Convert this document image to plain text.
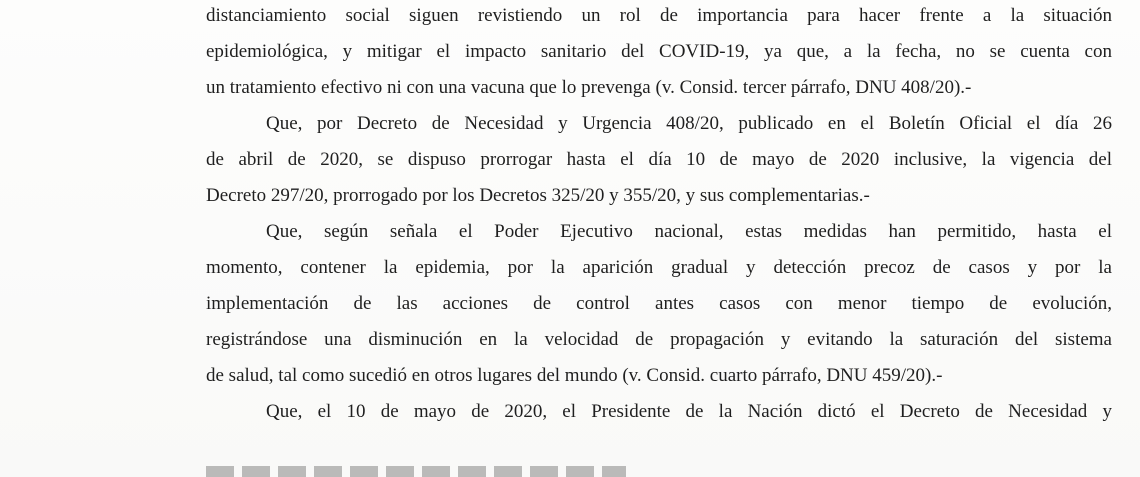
distanciamiento social siguen revistiendo un rol de importancia para hacer frente a la situación

epidemiológica, y mitigar el impacto sanitario del COVID-19, ya que, a la fecha, no se cuenta con

un tratamiento efectivo ni con una vacuna que lo prevenga (v. Consid. tercer párrafo, DNU 408/20).-

Que, por Decreto de Necesidad y Urgencia 408/20, publicado en el Boletín Oficial el día 26

de abril de 2020, se dispuso prorrogar hasta el día 10 de mayo de 2020 inclusive, la vigencia del

Decreto 297/20, prorrogado por los Decretos 325/20 y 355/20, y sus complementarias.-

Que, según señala el Poder Ejecutivo nacional, estas medidas han permitido, hasta el

momento, contener la epidemia, por la aparición gradual y detección precoz de casos y por la

implementación de las acciones de control antes casos con menor tiempo de evolución,

registrándose una disminución en la velocidad de propagación y evitando la saturación del sistema

de salud, tal como sucedió en otros lugares del mundo (v. Consid. cuarto párrafo, DNU 459/20).-

Que, el 10 de mayo de 2020, el Presidente de la Nación dictó el Decreto de Necesidad y
